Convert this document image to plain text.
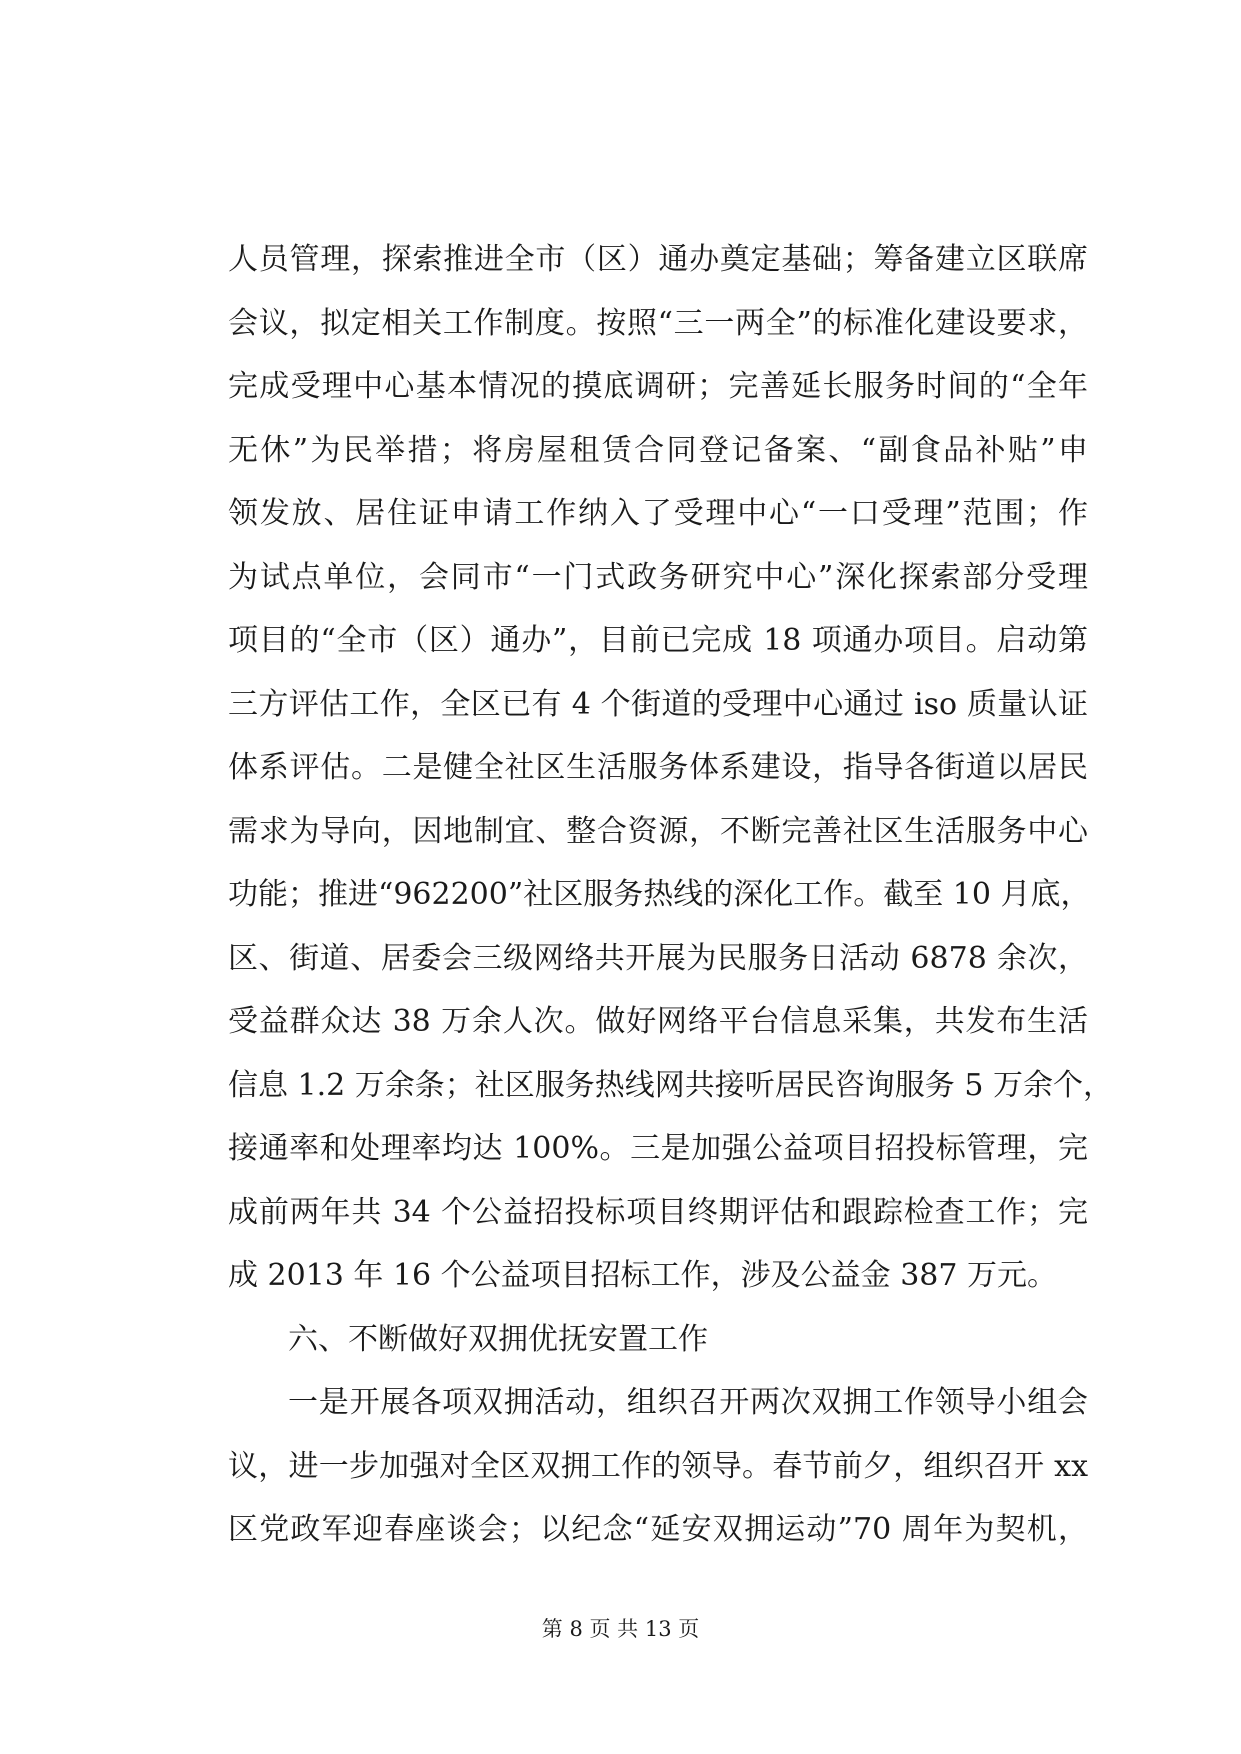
人员管理，探索推进全市（区）通办奠定基础；筹备建立区联席
会议，拟定相关工作制度。按照“三一两全”的标准化建设要求，
完成受理中心基本情况的摸底调研；完善延长服务时间的“全年
无休”为民举措；将房屋租赁合同登记备案、“副食品补贴”申
领发放、居住证申请工作纳入了受理中心“一口受理”范围；作
为试点单位，会同市“一门式政务研究中心”深化探索部分受理
项目的“全市（区）通办”，目前已完成 18 项通办项目。启动第
三方评估工作，全区已有 4 个街道的受理中心通过 iso 质量认证
体系评估。二是健全社区生活服务体系建设，指导各街道以居民
需求为导向，因地制宜、整合资源，不断完善社区生活服务中心
功能；推进“962200”社区服务热线的深化工作。截至 10 月底，
区、街道、居委会三级网络共开展为民服务日活动 6878 余次，
受益群众达 38 万余人次。做好网络平台信息采集，共发布生活
信息 1.2 万余条；社区服务热线网共接听居民咨询服务 5 万余个，
接通率和处理率均达 100%。三是加强公益项目招投标管理，完
成前两年共 34 个公益招投标项目终期评估和跟踪检查工作；完
成 2013 年 16 个公益项目招标工作，涉及公益金 387 万元。
六、不断做好双拥优抚安置工作
一是开展各项双拥活动，组织召开两次双拥工作领导小组会
议，进一步加强对全区双拥工作的领导。春节前夕，组织召开 xx
区党政军迎春座谈会；以纪念“延安双拥运动”70 周年为契机，
第 8 页 共 13 页
